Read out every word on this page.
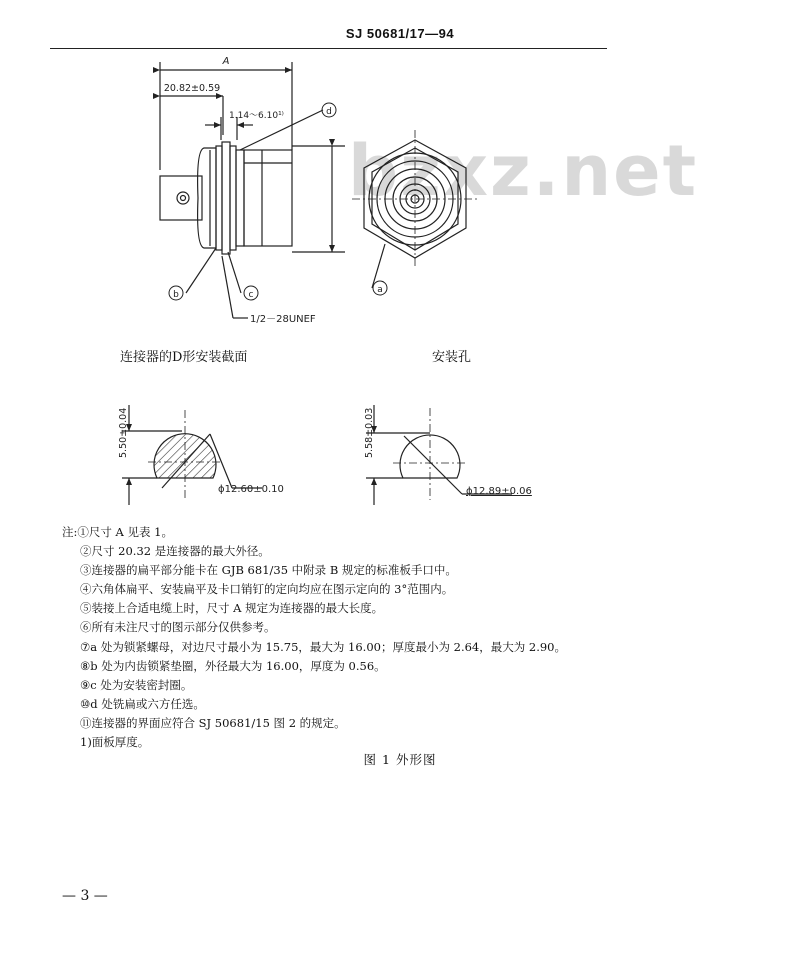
SJ 50681/17—94
bzxz.net
A
20.82±0.59
1.14～6.10¹⁾
1/2－28UNEF
d
b	c	a
5.50±0.04
ϕ12.60±0.10
5.58±0.03
ϕ12.89±0.06
连接器的D形安装截面	安装孔
注:①尺寸 A 见表 1。
②尺寸 20.32 是连接器的最大外径。
③连接器的扁平部分能卡在 GJB 681/35 中附录 B 规定的标准板手口中。
④六角体扁平、安装扁平及卡口销钉的定向均应在图示定向的 3°范围内。
⑤装接上合适电缆上时，尺寸 A 规定为连接器的最大长度。
⑥所有未注尺寸的图示部分仅供参考。
⑦a 处为锁紧螺母，对边尺寸最小为 15.75，最大为 16.00；厚度最小为 2.64，最大为 2.90。
⑧b 处为内齿锁紧垫圈，外径最大为 16.00，厚度为 0.56。
⑨c 处为安装密封圈。
⑩d 处铣扁或六方任选。
⑪连接器的界面应符合 SJ 50681/15 图 2 的规定。
1)面板厚度。
图 1 外形图
— 3 —
